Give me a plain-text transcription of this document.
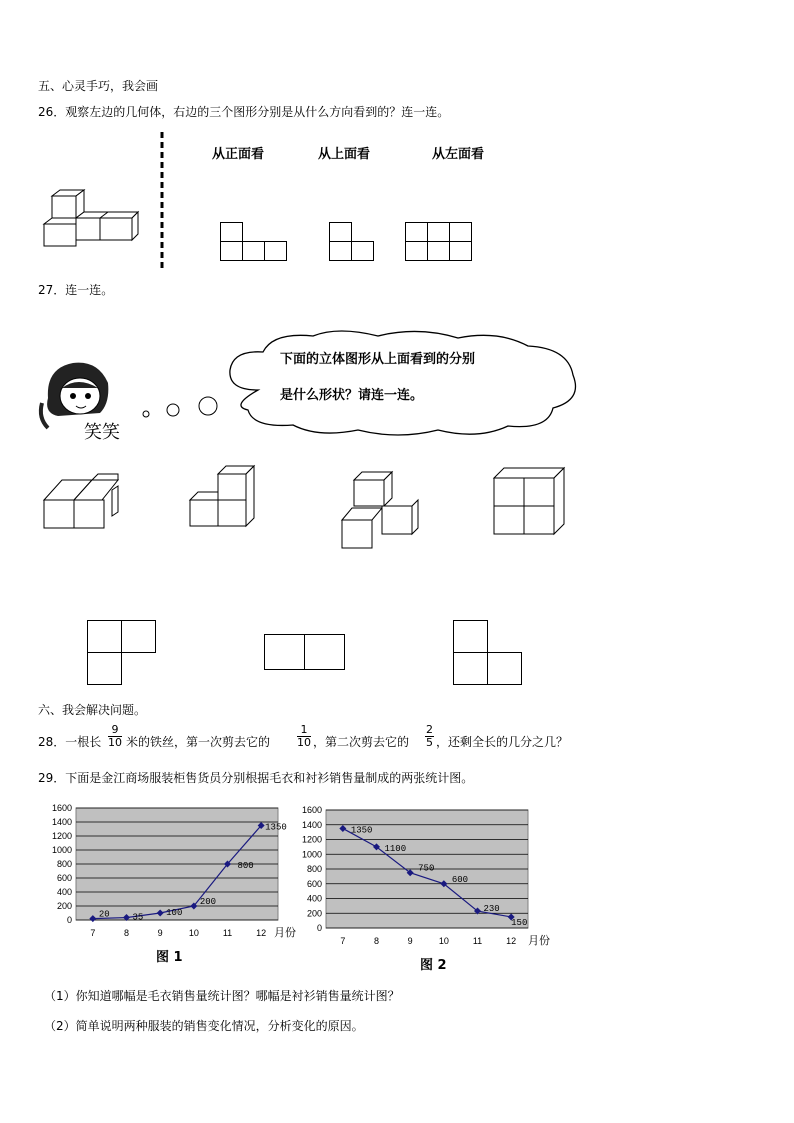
五、心灵手巧，我会画
26．观察左边的几何体，右边的三个图形分别是从什么方向看到的？连一连。
从正面看	从上面看	从左面看
27．连一连。
笑笑
下面的立体图形从上面看到的分别
是什么形状？请连一连。
六、我会解决问题。
28．一根长 $\frac{9}{10}$ 米的铁丝，第一次剪去它的 $\frac{1}{10}$ ，第二次剪去它的 $\frac{2}{5}$ ，还剩全长的几分之几？
29．下面是金江商场服装柜售货员分别根据毛衣和衬衫销售量制成的两张统计图。
0
200
400
600
800
1000
1200
1400
1600
7	8	9	10	11	12 月份
20	35	100
200
800
1350
图 1
0
200
400
600
800
1000
1200
1400
1600
7	8	9	10	11	12 月份
1350
1100
750
600
230
150
图 2
（1）你知道哪幅是毛衣销售量统计图？哪幅是衬衫销售量统计图？
（2）简单说明两种服装的销售变化情况，分析变化的原因。
